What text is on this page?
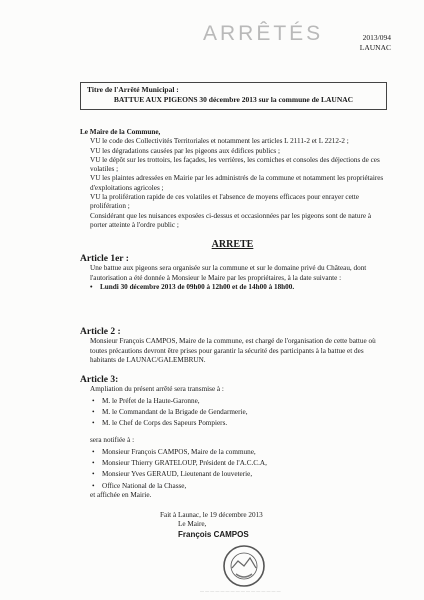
ARRÊTÉS	2013/094
LAUNAC
Titre de l'Arrêté Municipal :
BATTUE AUX PIGEONS 30 décembre 2013 sur la commune de LAUNAC
Le Maire de la Commune,
VU le code des Collectivités Territoriales et notamment les articles L 2111-2 et L 2212-2 ;
VU les dégradations causées par les pigeons aux édifices publics ;
VU le dépôt sur les trottoirs, les façades, les verrières, les corniches et consoles des déjections de ces volatiles ;
VU les plaintes adressées en Mairie par les administrés de la commune et notamment les propriétaires d'exploitations agricoles ;
VU la prolifération rapide de ces volatiles et l'absence de moyens efficaces pour enrayer cette prolifération ;
Considérant que les nuisances exposées ci-dessus et occasionnées par les pigeons sont de nature à porter atteinte à l'ordre public ;
ARRETE
Article 1er :
Une battue aux pigeons sera organisée sur la commune et sur le domaine privé du Château, dont l'autorisation a été donnée à Monsieur le Maire par les propriétaires, à la date suivante :
• Lundi 30 décembre 2013 de 09h00 à 12h00 et de 14h00 à 18h00.
Article 2 :
Monsieur François CAMPOS, Maire de la commune, est chargé de l'organisation de cette battue où toutes précautions devront être prises pour garantir la sécurité des participants à la battue et des habitants de LAUNAC/GALEMBRUN.
Article 3:
Ampliation du présent arrêté sera transmise à :
• M. le Préfet de la Haute-Garonne,
• M. le Commandant de la Brigade de Gendarmerie,
• M. le Chef de Corps des Sapeurs Pompiers.
sera notifiée à :
• Monsieur François CAMPOS, Maire de la commune,
• Monsieur Thierry GRATELOUP, Président de l'A.C.C.A,
• Monsieur Yves GERAUD, Lieutenant de louveterie,
• Office National de la Chasse,
et affichée en Mairie.
Fait à Launac, le 19 décembre 2013
Le Maire,
François CAMPOS
— — — — — — — — — — — — — — — —
